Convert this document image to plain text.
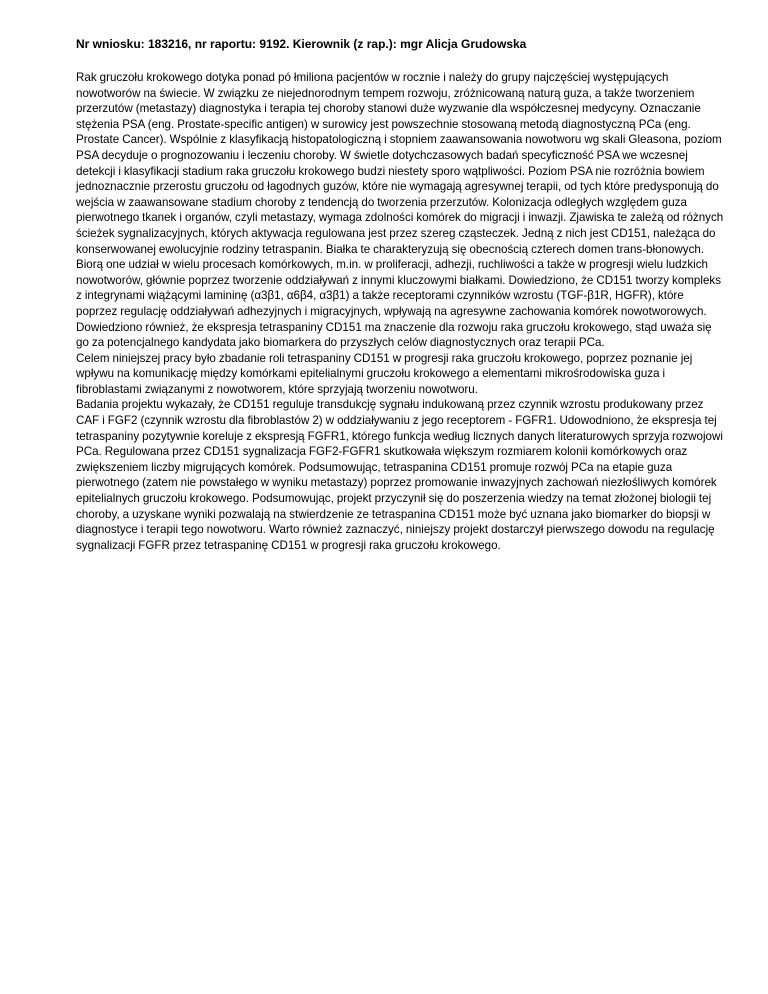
Nr wniosku: 183216, nr raportu: 9192. Kierownik (z rap.): mgr Alicja Grudowska

Rak gruczołu krokowego dotyka ponad pó łmiliona pacjentów w rocznie i należy do grupy najczęściej występujących nowotworów na świecie. W związku ze niejednorodnym tempem rozwoju, zróżnicowaną naturą guza, a także tworzeniem przerzutów (metastazy) diagnostyka i terapia tej choroby stanowi duże wyzwanie dla współczesnej medycyny. Oznaczanie stężenia PSA (eng. Prostate-specific antigen) w surowicy jest powszechnie stosowaną metodą diagnostyczną PCa (eng. Prostate Cancer). Wspólnie z klasyfikacją histopatologiczną i stopniem zaawansowania nowotworu wg skali Gleasona, poziom PSA decyduje o prognozowaniu i leczeniu choroby. W świetle dotychczasowych badań specyficzność PSA we wczesnej detekcji i klasyfikacji stadium raka gruczołu krokowego budzi niestety sporo wątpliwości. Poziom PSA nie rozróżnia bowiem jednoznacznie przerostu gruczołu od łagodnych guzów, które nie wymagają agresywnej terapii, od tych które predysponują do wejścia w zaawansowane stadium choroby z tendencją do tworzenia przerzutów. Kolonizacja odległych względem guza pierwotnego tkanek i organów, czyli metastazy, wymaga zdolności komórek do migracji i inwazji. Zjawiska te zależą od różnych ścieżek sygnalizacyjnych, których aktywacja regulowana jest przez szereg cząsteczek. Jedną z nich jest CD151, należąca do konserwowanej ewolucyjnie rodziny tetraspanin. Białka te charakteryzują się obecnością czterech domen trans-błonowych. Biorą one udział w wielu procesach komórkowych, m.in. w proliferacji, adhezji, ruchliwości a także w progresji wielu ludzkich nowotworów, głównie poprzez tworzenie oddziaływań z innymi kluczowymi białkami. Dowiedziono, że CD151 tworzy kompleks z integrynami wiążącymi lamininę (α3β1, α6β4, α3β1) a także receptorami czynników wzrostu (TGF-β1R, HGFR), które poprzez regulację oddziaływań adhezyjnych i migracyjnych, wpływają na agresywne zachowania komórek nowotworowych. Dowiedziono również, że ekspresja tetraspaniny CD151 ma znaczenie dla rozwoju raka gruczołu krokowego, stąd uważa się go za potencjalnego kandydata jako biomarkera do przyszłych celów diagnostycznych oraz terapii PCa.

Celem niniejszej pracy było zbadanie roli tetraspaniny CD151 w progresji raka gruczołu krokowego, poprzez poznanie jej wpływu na komunikację między komórkami epitelialnymi gruczołu krokowego a elementami mikrośrodowiska guza i fibroblastami związanymi z nowotworem, które sprzyjają tworzeniu nowotworu.

Badania projektu wykazały, że CD151 reguluje transdukcję sygnału indukowaną przez czynnik wzrostu produkowany przez CAF i FGF2 (czynnik wzrostu dla fibroblastów 2) w oddziaływaniu z jego receptorem - FGFR1. Udowodniono, że ekspresja tej tetraspaniny pozytywnie koreluje z ekspresją FGFR1, którego funkcja według licznych danych literaturowych sprzyja rozwojowi PCa. Regulowana przez CD151 sygnalizacja FGF2-FGFR1 skutkowała większym rozmiarem kolonii komórkowych oraz zwiększeniem liczby migrujących komórek. Podsumowując, tetraspanina CD151 promuje rozwój PCa na etapie guza pierwotnego (zatem nie powstałego w wyniku metastazy) poprzez promowanie inwazyjnych zachowań niezłośliwych komórek epitelialnych gruczołu krokowego. Podsumowując, projekt przyczynił się do poszerzenia wiedzy na temat złożonej biologii tej choroby, a uzyskane wyniki pozwalają na stwierdzenie ze tetraspanina CD151 może być uznana jako biomarker do biopsji w diagnostyce i terapii tego nowotworu. Warto również zaznaczyć, niniejszy projekt dostarczył pierwszego dowodu na regulację sygnalizacji FGFR przez tetraspaninę CD151 w progresji raka gruczołu krokowego.
